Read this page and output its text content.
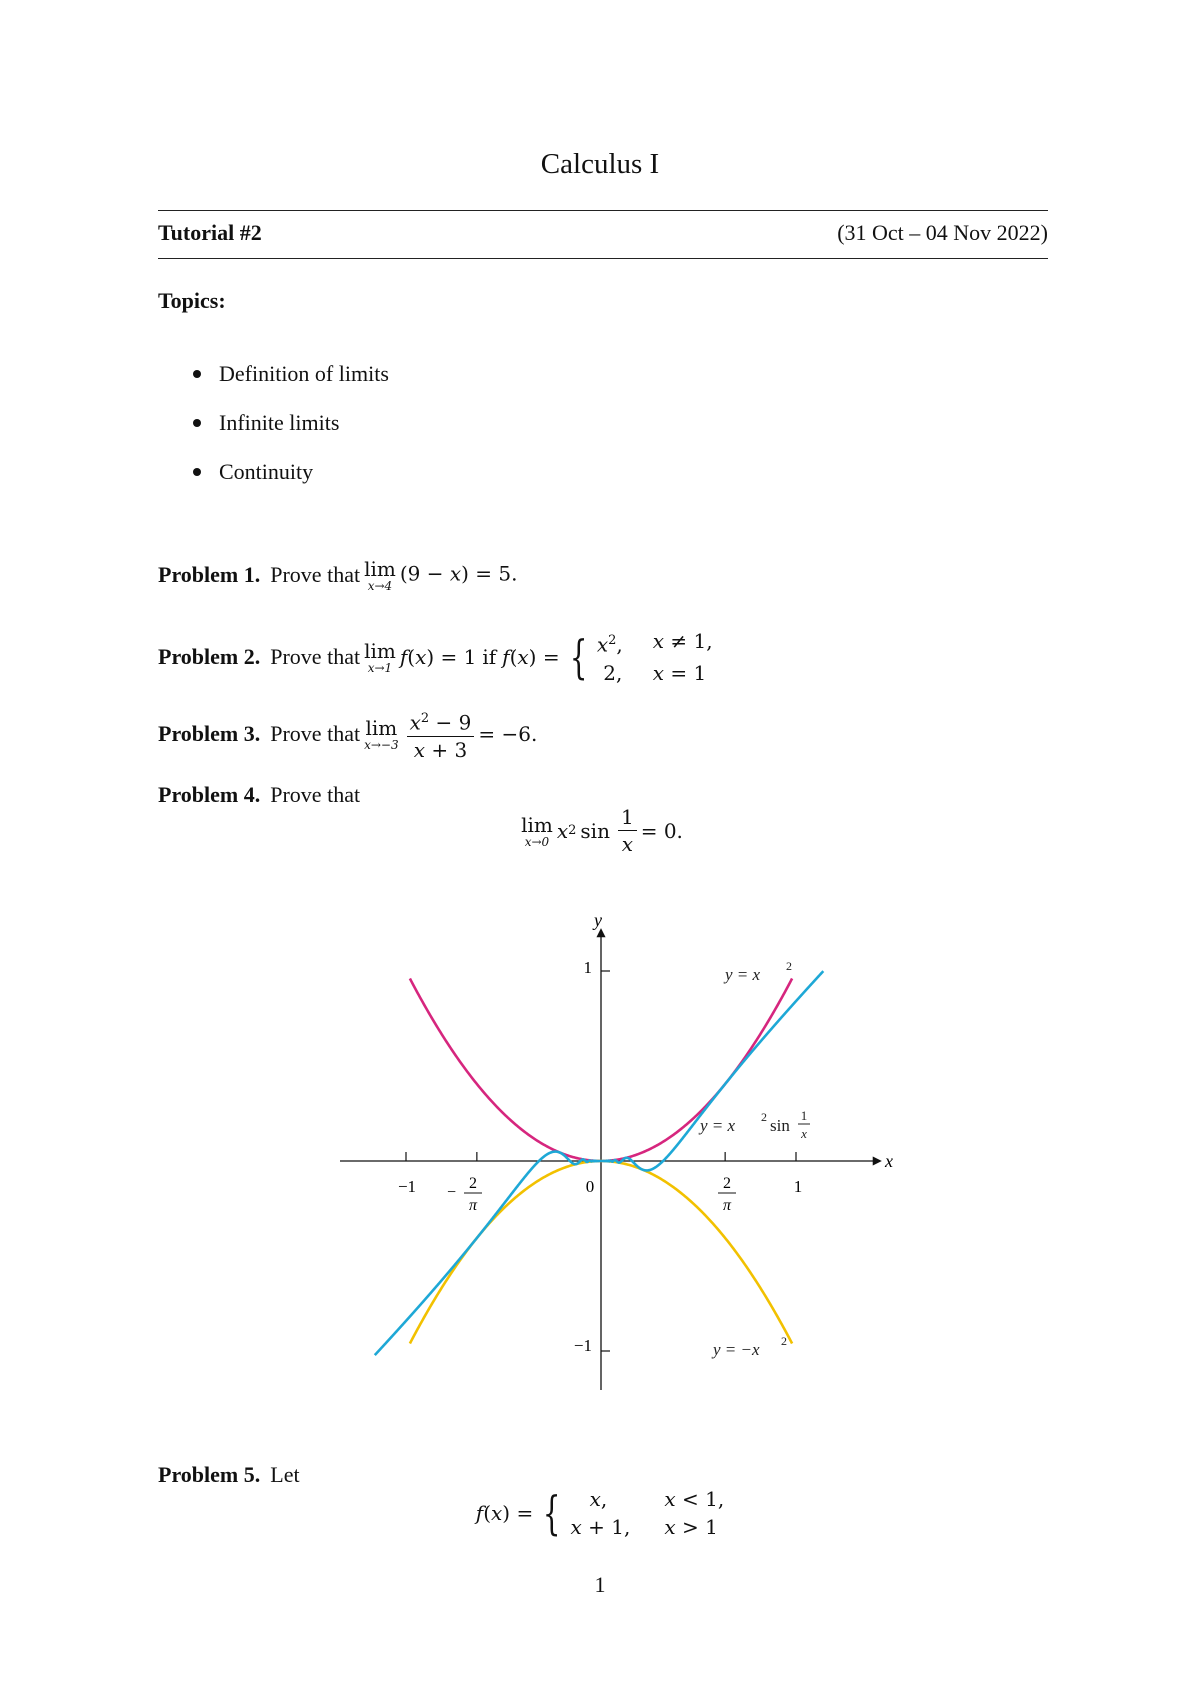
Calculus I
Tutorial #2	(31 Oct – 04 Nov 2022)
Topics:
Definition of limits
Infinite limits
Continuity
Problem 1. Prove that lim
x→4
(9 − x) = 5.
Problem 2. Prove that lim
x→1 f ( x ) = 1 if f ( x ) = { $x^2$, x ≠ 1,
2, x = 1
Problem 3. Prove that lim
$x\to-3 \frac{x^2 - 9}{x + 3} = -6$.
Problem 4. Prove that
lim
x→0 x 2 $\sin \frac{1}{x} = 0$.
x
y
−1	1
0
1
−1
−
2
π
2
π
y = x 2
y = −x 2
y = x 2 sin
1
x
Problem 5. Let
f ( x ) = { x,	x < 1,
x + 1, x > 1
1
